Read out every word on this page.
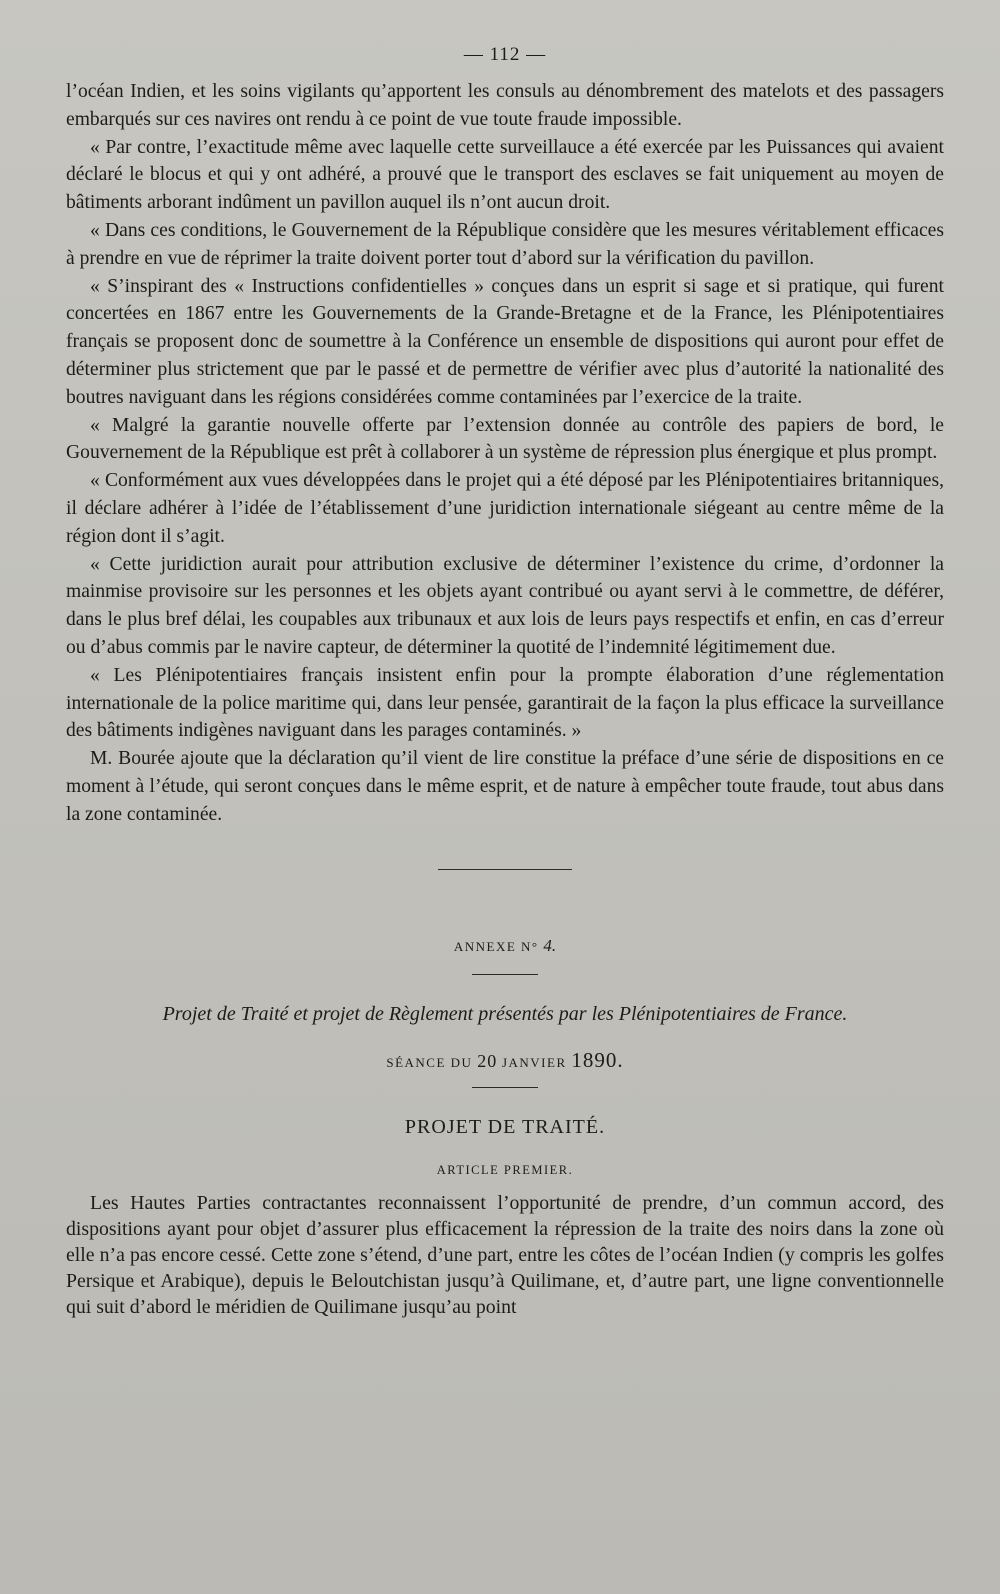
— 112 —

l’océan Indien, et les soins vigilants qu’apportent les consuls au dénombrement des matelots et des passagers embarqués sur ces navires ont rendu à ce point de vue toute fraude impossible.

« Par contre, l’exactitude même avec laquelle cette surveillauce a été exercée par les Puissances qui avaient déclaré le blocus et qui y ont adhéré, a prouvé que le transport des esclaves se fait uniquement au moyen de bâtiments arborant indûment un pavillon auquel ils n’ont aucun droit.

« Dans ces conditions, le Gouvernement de la République considère que les mesures véritablement efficaces à prendre en vue de réprimer la traite doivent porter tout d’abord sur la vérification du pavillon.

« S’inspirant des « Instructions confidentielles » conçues dans un esprit si sage et si pratique, qui furent concertées en 1867 entre les Gouvernements de la Grande-Bretagne et de la France, les Plénipotentiaires français se proposent donc de soumettre à la Conférence un ensemble de dispositions qui auront pour effet de déterminer plus strictement que par le passé et de permettre de vérifier avec plus d’autorité la nationalité des boutres naviguant dans les régions considérées comme contaminées par l’exercice de la traite.

« Malgré la garantie nouvelle offerte par l’extension donnée au contrôle des papiers de bord, le Gouvernement de la République est prêt à collaborer à un système de répression plus énergique et plus prompt.

« Conformément aux vues développées dans le projet qui a été déposé par les Plénipotentiaires britanniques, il déclare adhérer à l’idée de l’établissement d’une juridiction internationale siégeant au centre même de la région dont il s’agit.

« Cette juridiction aurait pour attribution exclusive de déterminer l’existence du crime, d’ordonner la mainmise provisoire sur les personnes et les objets ayant contribué ou ayant servi à le commettre, de déférer, dans le plus bref délai, les coupables aux tribunaux et aux lois de leurs pays respectifs et enfin, en cas d’erreur ou d’abus commis par le navire capteur, de déterminer la quotité de l’indemnité légitimement due.

« Les Plénipotentiaires français insistent enfin pour la prompte élaboration d’une réglementation internationale de la police maritime qui, dans leur pensée, garantirait de la façon la plus efficace la surveillance des bâtiments indigènes naviguant dans les parages contaminés. »

M. Bourée ajoute que la déclaration qu’il vient de lire constitue la préface d’une série de dispositions en ce moment à l’étude, qui seront conçues dans le même esprit, et de nature à empêcher toute fraude, tout abus dans la zone contaminée.

ANNEXE N° 4.
Projet de Traité et projet de Règlement présentés par les Plénipotentiaires de France.
SÉANCE DU 20 JANVIER 1890.
PROJET DE TRAITÉ.
ARTICLE PREMIER.

Les Hautes Parties contractantes reconnaissent l’opportunité de prendre, d’un commun accord, des dispositions ayant pour objet d’assurer plus efficacement la répression de la traite des noirs dans la zone où elle n’a pas encore cessé. Cette zone s’étend, d’une part, entre les côtes de l’océan Indien (y compris les golfes Persique et Arabique), depuis le Beloutchistan jusqu’à Quilimane, et, d’autre part, une ligne conventionnelle qui suit d’abord le méridien de Quilimane jusqu’au point
